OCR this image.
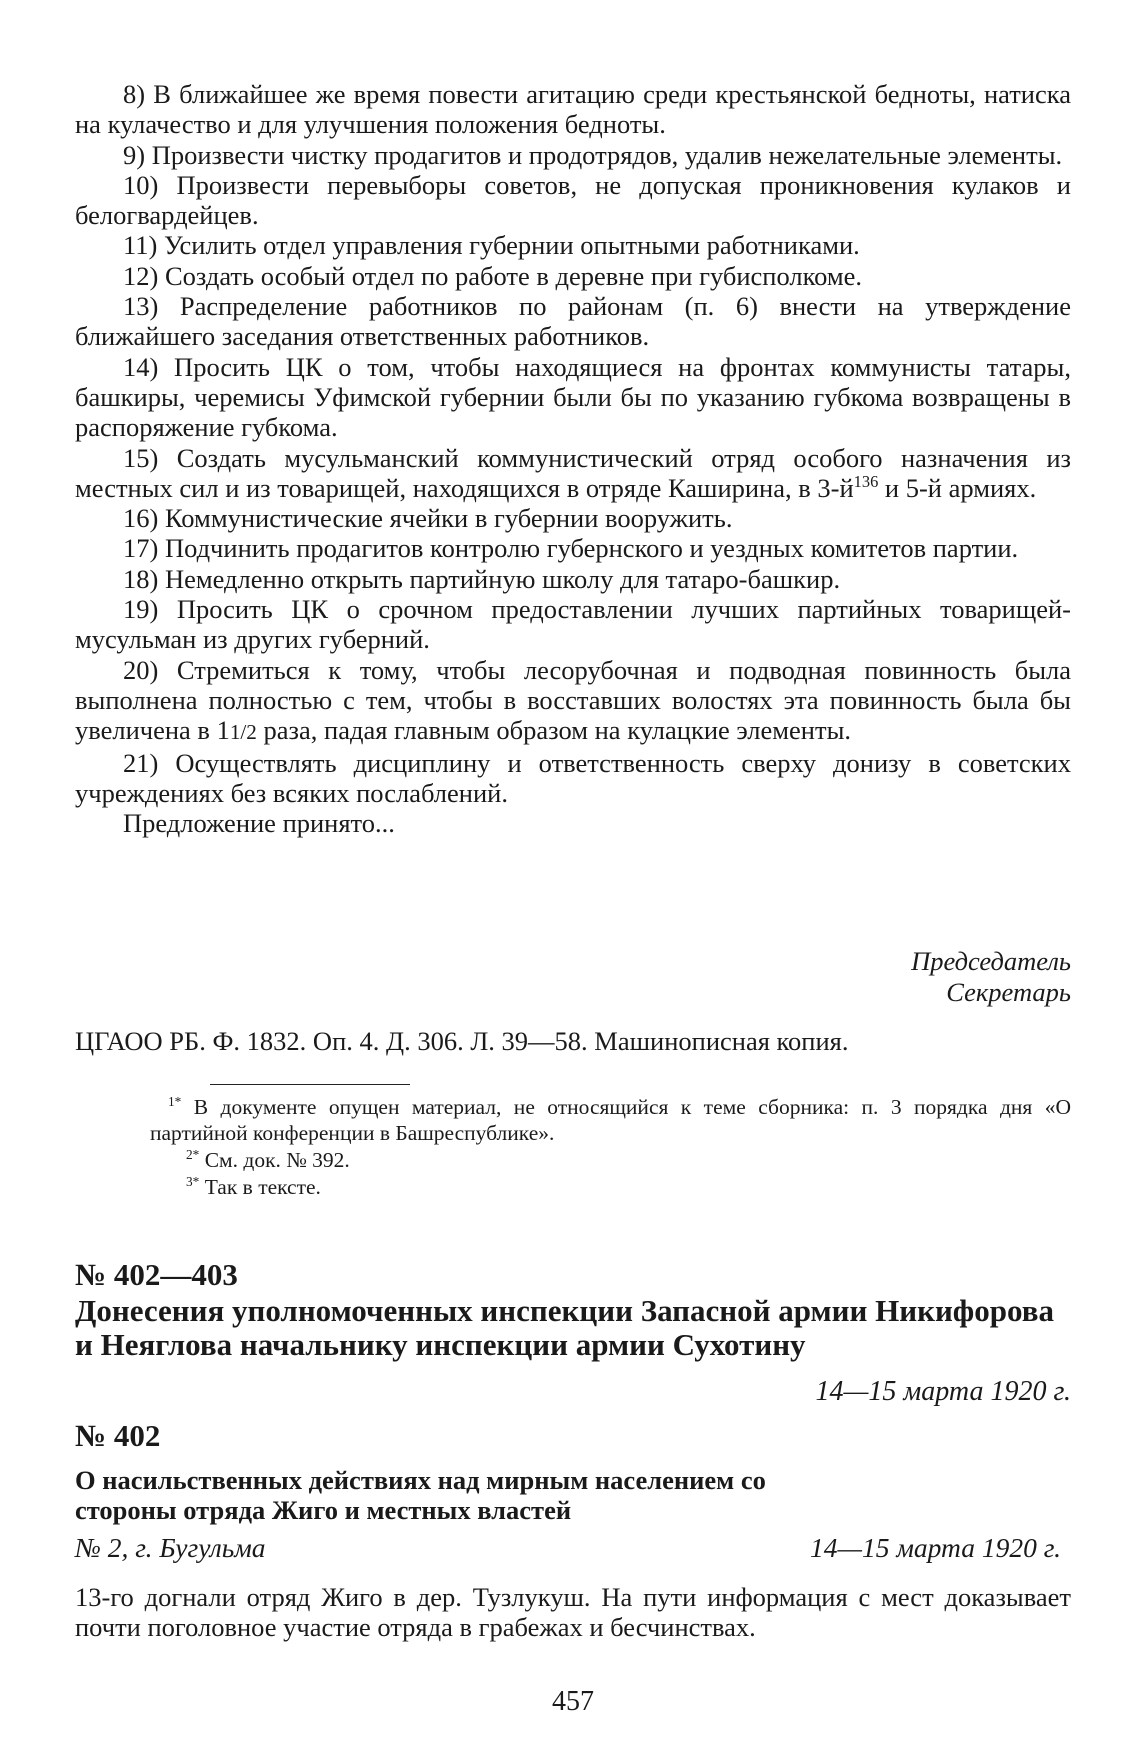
8) В ближайшее же время повести агитацию среди крестьянской бедноты, натиска на кулачество и для улучшения положения бедноты.

9) Произвести чистку продагитов и продотрядов, удалив нежелательные элементы.

10) Произвести перевыборы советов, не допуская проникновения кулаков и белогвардейцев.

11) Усилить отдел управления губернии опытными работниками.

12) Создать особый отдел по работе в деревне при губисполкоме.

13) Распределение работников по районам (п. 6) внести на утверждение ближайшего заседания ответственных работников.

14) Просить ЦК о том, чтобы находящиеся на фронтах коммунисты татары, башкиры, черемисы Уфимской губернии были бы по указанию губкома возвращены в распоряжение губкома.

15) Создать мусульманский коммунистический отряд особого назначения из местных сил и из товарищей, находящихся в отряде Каширина, в $3-й^{136}$ и 5-й армиях.

16) Коммунистические ячейки в губернии вооружить.

17) Подчинить продагитов контролю губернского и уездных комитетов партии.

18) Немедленно открыть партийную школу для татаро-башкир.

19) Просить ЦК о срочном предоставлении лучших партийных товарищей-мусульман из других губерний.

20) Стремиться к тому, чтобы лесорубочная и подводная повинность была выполнена полностью с тем, чтобы в восставших волостях эта повинность была бы увеличена в 11/2 раза, падая главным образом на кулацкие элементы.

21) Осуществлять дисциплину и ответственность сверху донизу в советских учреждениях без всяких послаблений.

Предложение принято...

Председатель
Секретарь
ЦГАОО РБ. Ф. 1832. Оп. 4. Д. 306. Л. 39—58. Машинописная копия.
$^{1*}$ В документе опущен материал, не относящийся к теме сборника: п. 3 порядка дня «О партийной конференции в Башреспублике».
$^{2*}$ См. док. № 392.
$^{3*}$ Так в тексте.
№ 402—403
Донесения уполномоченных инспекции Запасной армии Никифорова и Неяглова начальнику инспекции армии Сухотину
14—15 марта 1920 г.
№ 402
О насильственных действиях над мирным населением со стороны отряда Жиго и местных властей
№ 2, г. Бугульма	14—15 марта 1920 г.

13-го догнали отряд Жиго в дер. Тузлукуш. На пути информация с мест доказывает почти поголовное участие отряда в грабежах и бесчинствах.

457
